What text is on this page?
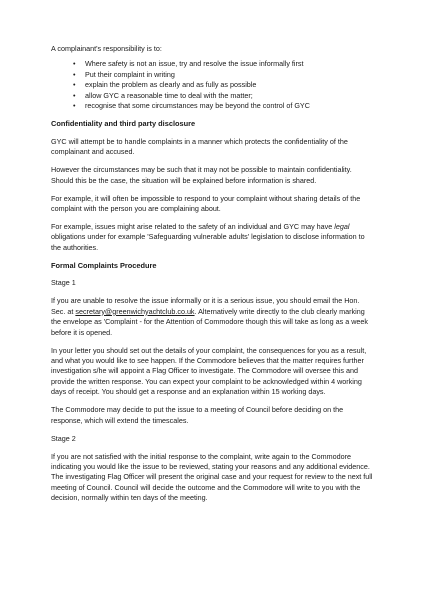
A complainant's responsibility is to:

• Where safety is not an issue, try and resolve the issue informally first
• Put their complaint in writing
• explain the problem as clearly and as fully as possible
• allow GYC a reasonable time to deal with the matter;
• recognise that some circumstances may be beyond the control of GYC
Confidentiality and third party disclosure

GYC will attempt be to handle complaints in a manner which protects the confidentiality of the complainant and accused.

However the circumstances may be such that it may not be possible to maintain confidentiality. Should this be the case, the situation will be explained before information is shared.

For example, it will often be impossible to respond to your complaint without sharing details of the complaint with the person you are complaining about.

For example, issues might arise related to the safety of an individual and GYC may have legal obligations under for example 'Safeguarding vulnerable adults' legislation to disclose information to the authorities.

Formal Complaints Procedure

Stage 1

If you are unable to resolve the issue informally or it is a serious issue, you should email the Hon. Sec. at secretary@greenwichyachtclub.co.uk. Alternatively write directly to the club clearly marking the envelope as 'Complaint - for the Attention of Commodore though this will take as long as a week before it is opened.

In your letter you should set out the details of your complaint, the consequences for you as a result, and what you would like to see happen. If the Commodore believes that the matter requires further investigation s/he will appoint a Flag Officer to investigate. The Commodore will oversee this and provide the written response. You can expect your complaint to be acknowledged within 4 working days of receipt. You should get a response and an explanation within 15 working days.

The Commodore may decide to put the issue to a meeting of Council before deciding on the response, which will extend the timescales.

Stage 2

If you are not satisfied with the initial response to the complaint, write again to the Commodore indicating you would like the issue to be reviewed, stating your reasons and any additional evidence. The investigating Flag Officer will present the original case and your request for review to the next full meeting of Council. Council will decide the outcome and the Commodore will write to you with the decision, normally within ten days of the meeting.
